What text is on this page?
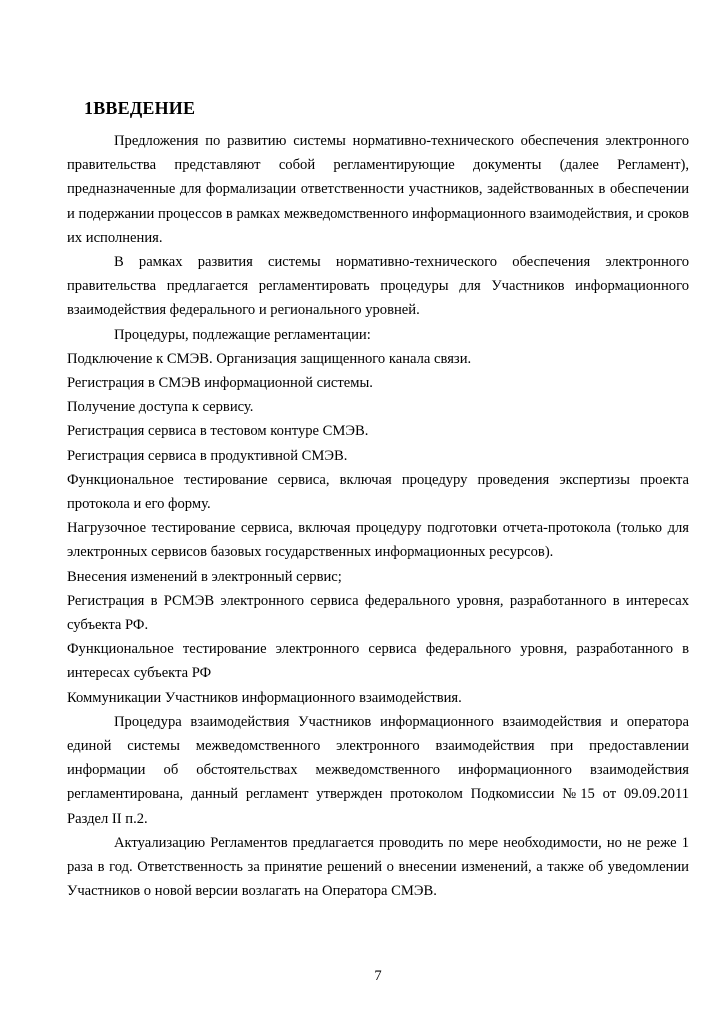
1ВВЕДЕНИЕ

Предложения по развитию системы нормативно-технического обеспечения электронного правительства представляют собой регламентирующие документы (далее Регламент), предназначенные для формализации ответственности участников, задействованных в обеспечении и подержании процессов в рамках межведомственного информационного взаимодействия, и сроков их исполнения.

В рамках развития системы нормативно-технического обеспечения электронного правительства предлагается регламентировать процедуры для Участников информационного взаимодействия федерального и регионального уровней.

Процедуры, подлежащие регламентации:

Подключение к СМЭВ. Организация защищенного канала связи.

Регистрация в СМЭВ информационной системы.

Получение доступа к сервису.

Регистрация сервиса в тестовом контуре СМЭВ.

Регистрация сервиса в продуктивной СМЭВ.

Функциональное тестирование сервиса, включая процедуру проведения экспертизы проекта протокола и его форму.

Нагрузочное тестирование сервиса, включая процедуру подготовки отчета-протокола (только для электронных сервисов базовых государственных информационных ресурсов).

Внесения изменений в электронный сервис;

Регистрация в РСМЭВ электронного сервиса федерального уровня, разработанного в интересах субъекта РФ.

Функциональное тестирование электронного сервиса федерального уровня, разработанного в интересах субъекта РФ

Коммуникации Участников информационного взаимодействия.

Процедура взаимодействия Участников информационного взаимодействия и оператора единой системы межведомственного электронного взаимодействия при предоставлении информации об обстоятельствах межведомственного информационного взаимодействия регламентирована, данный регламент утвержден протоколом Подкомиссии №15 от 09.09.2011 Раздел II п.2.

Актуализацию Регламентов предлагается проводить по мере необходимости, но не реже 1 раза в год. Ответственность за принятие решений о внесении изменений, а также об уведомлении Участников о новой версии возлагать на Оператора СМЭВ.

7
